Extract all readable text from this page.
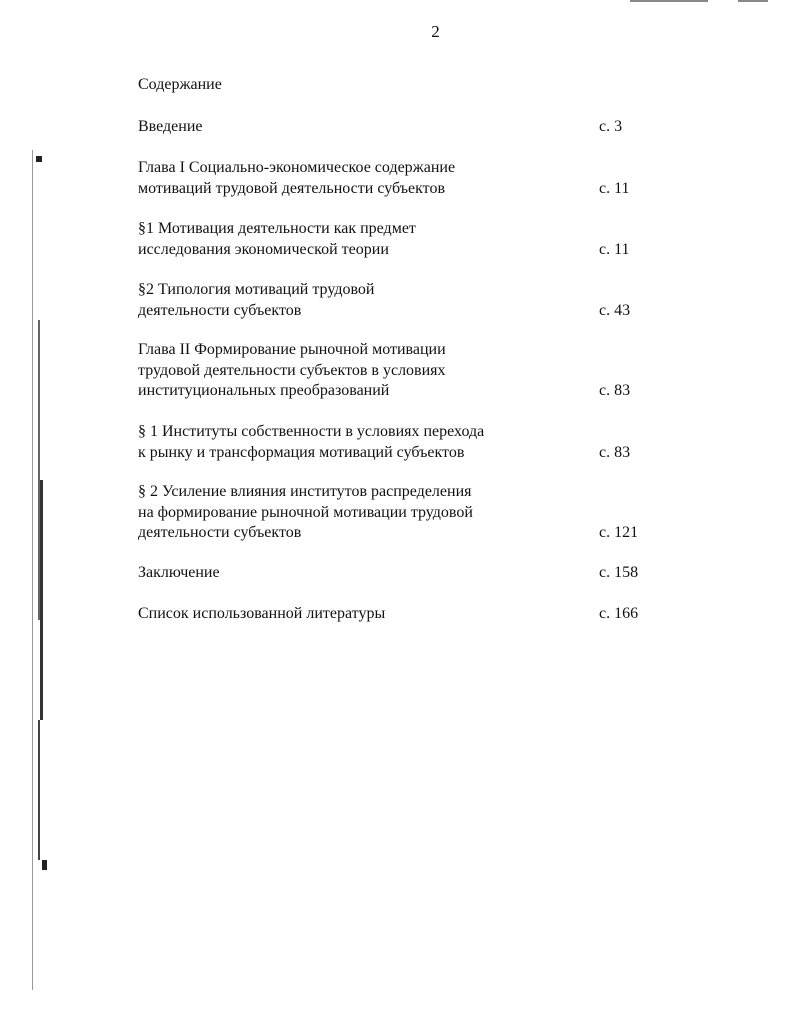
2
Содержание
Введение	с. 3
Глава I Социально-экономическое содержание
мотиваций трудовой деятельности субъектов	с. 11
§1 Мотивация деятельности как предмет
исследования экономической теории	с. 11
§2 Типология мотиваций трудовой
деятельности субъектов	с. 43
Глава II Формирование рыночной мотивации
трудовой деятельности субъектов в условиях
институциональных преобразований	с. 83
§ 1 Институты собственности в условиях перехода
к рынку и трансформация мотиваций субъектов	с. 83
§ 2 Усиление влияния институтов распределения
на формирование рыночной мотивации трудовой
деятельности субъектов	с. 121
Заключение	с. 158
Список использованной литературы	с. 166
